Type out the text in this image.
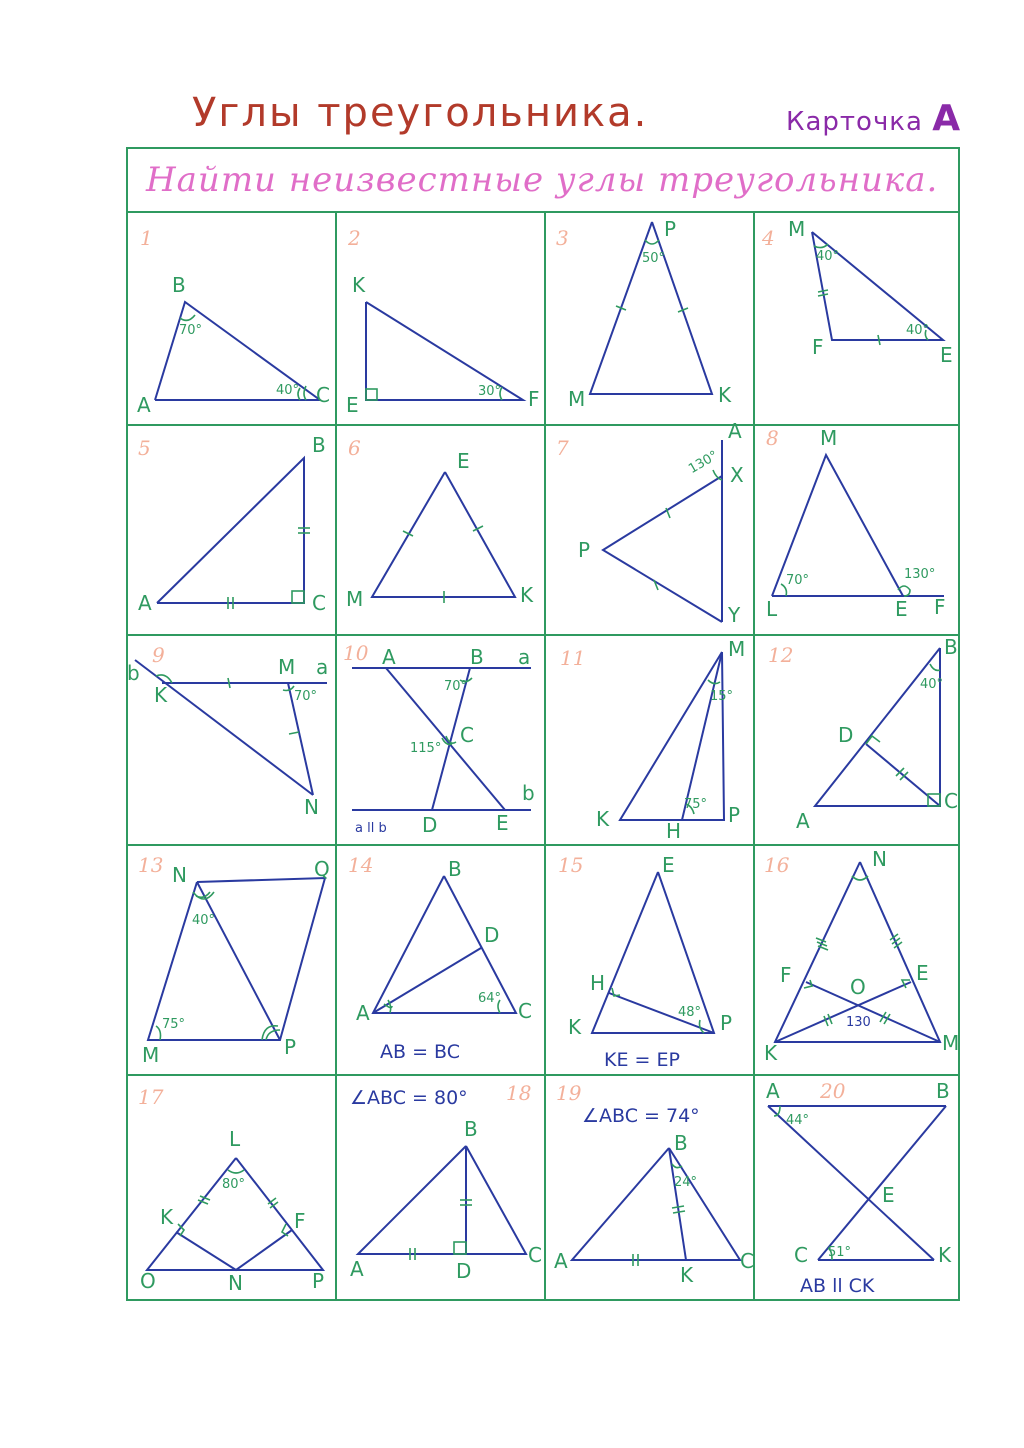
Углы треугольника.	Карточка А
Найти неизвестные углы треугольника.
1
B
A	C
70°
40°
2
K
E	F
30°
3	P
M	K
50°
4 M
F	E
40°
40°
5	B
A	C
6
E
M	K
7
A
X
P
Y
130°
8 M
L	E F
70°	130°
9
b
K
M a
N
70°
10 A	B a
C
b
D	E
70°
115°
a ll b
11	M
K	H
P
15°
75°
12	B
D
A
C
40°
13 N	Q
M	P
40°
75°
14	B
D
A	C
64°
AB = BC
15	E
H
K	P
48°
KE = EP
16	N
F	E
O
K	M
130
17
L
K	F
O	N	P
80°
∠ABC = 80° 18
B
A	D
C
19
∠ABC = 74°
B
A
K
C
24°
A 20	B
E
C	K
44°
51°
AB ll CK
